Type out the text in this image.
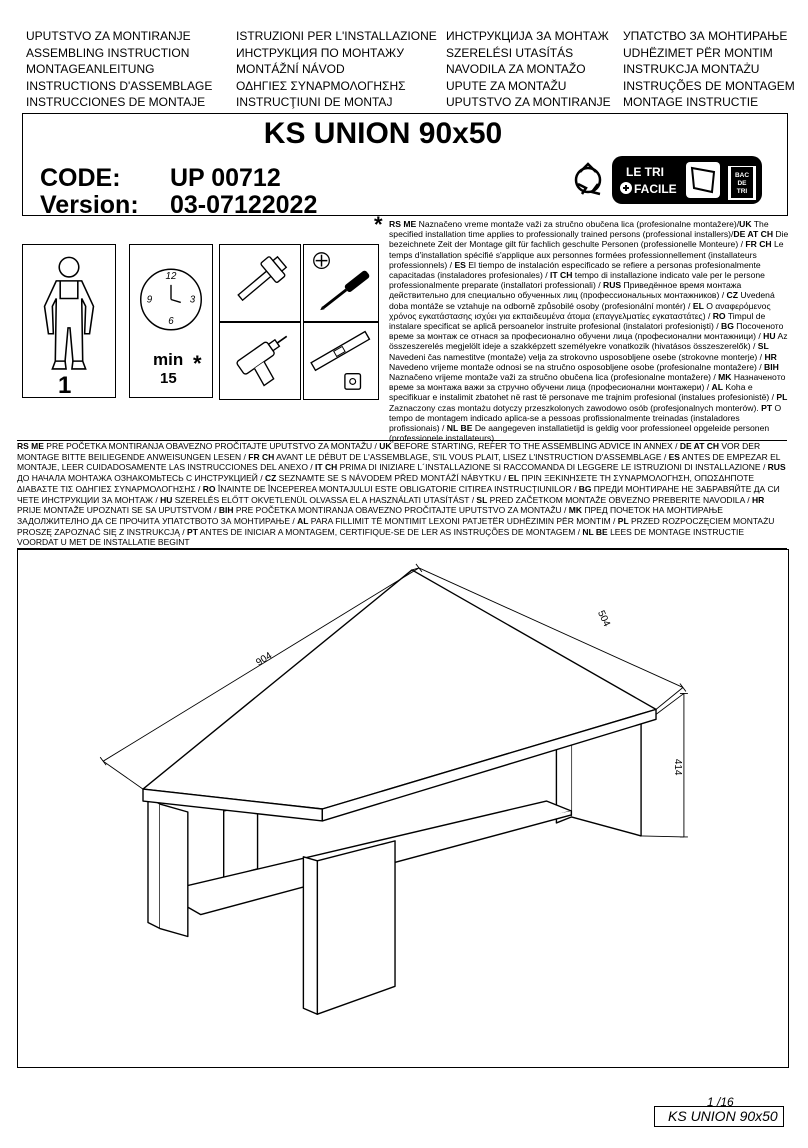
UPUTSTVO ZA MONTIRANJE
ASSEMBLING INSTRUCTION
MONTAGEANLEITUNG
INSTRUCTIONS D'ASSEMBLAGE
INSTRUCCIONES DE MONTAJE
ISTRUZIONI PER L'INSTALLAZIONE
ИНСТРУКЦИЯ ПО МОНТАЖУ
MONTÁŽNÍ NÁVOD
ΟΔΗΓΙΕΣ ΣΥΝΑΡΜΟΛΟΓΗΣΗΣ
INSTRUCŢIUNI DE MONTAJ
ИНСТРУКЦИЈА ЗА МОНТАЖ
SZERELÉSI UTASÍTÁS
NAVODILA ZA MONTAŽO
UPUTE ZA MONTAŽU
UPUTSTVO ZA MONTIRANJE
УПАТСТВО ЗА МОНТИРАЊЕ
UDHËZIMET PËR MONTIM
INSTRUKCJA MONTAŻU
INSTRUÇÕES DE MONTAGEM
MONTAGE INSTRUCTIE
KS UNION 90x50
CODE: UP 00712
Version: 03-07122022
LE TRI
FACILE
BAC
DE
TRI
1
12
3
6
9
min *
15
* RS ME Naznačeno vreme montaže važi za stručno obučena lica (profesionalne montažere)/UK The specified installation time applies to professionally trained persons (professional installers)/DE AT CH Die bezeichnete Zeit der Montage gilt für fachlich geschulte Personen (professionelle Monteure) / FR CH Le temps d'installation spécifié s'applique aux personnes formées professionnellement (installateurs professionnels) / ES El tiempo de instalación especificado se refiere a personas profesionalmente capacitadas (instaladores profesionales) / IT CH tempo di installazione indicato vale per le persone professionalmente preparate (installatori professionali) / RUS Приведённое время монтажа действительно для специально обученных лиц (профессиональных монтажников) / CZ Uvedená doba montáže se vztahuje na odborně způsobilé osoby (profesionální montér) / EL Ο αναφερόμενος χρόνος εγκατάστασης ισχύει για εκπαιδευμένα άτομα (επαγγελματίες εγκαταστάτες) / RO Timpul de instalare specificat se aplică persoanelor instruite profesional (instalatori profesioniști) / BG Посоченото време за монтаж се отнася за професионално обучени лица (професионални монтажници) / HU Az összeszerelés megjelölt ideje a szakképzett személyekre vonatkozik (hivatásos összeszerelők) / SL Navedeni čas namestitve (montaže) velja za strokovno usposobljene osebe (strokovne monterje) / HR Navedeno vrijeme montaže odnosi se na stručno osposobljene osobe (profesionalne montažere) / BIH Naznačeno vrijeme montaže važi za stručno obučena lica (profesionalne montažere) / MK Назначенoто време за монтажа важи за стручно обучени лица (професионални монтажери) / AL Koha e specifikuar e instalimit zbatohet në rast të personave me trajnim profesional (instalues profesionistë) / PL Zaznaczony czas montażu dotyczy przeszkolonych zawodowo osób (profesjonalnych monterów). PT O tempo de montagem indicado aplica-se a pessoas profissionalmente treinadas (instaladores profissionais) / NL BE De aangegeven installatietijd is geldig voor professioneel opgeleide personen (professionele installateurs).
RS ME PRE POČETKA MONTIRANJA OBAVEZNO PROČITAJTE UPUTSTVO ZA MONTAŽU / UK BEFORE STARTING, REFER TO THE ASSEMBLING ADVICE IN ANNEX / DE AT CH VOR DER MONTAGE BITTE BEILIEGENDE ANWEISUNGEN LESEN / FR CH AVANT LE DÉBUT DE L'ASSEMBLAGE, S'IL VOUS PLAIT, LISEZ L'INSTRUCTION D'ASSEMBLAGE / ES ANTES DE EMPEZAR EL MONTAJE, LEER CUIDADOSAMENTE LAS INSTRUCCIONES DEL ANEXO / IT CH PRIMA DI INIZIARE L´INSTALLAZIONE SI RACCOMANDA DI LEGGERE LE ISTRUZIONI DI INSTALLAZIONE / RUS ДО НАЧАЛА МОНТАЖА ОЗНАКОМЬТЕСЬ С ИНСТРУКЦИЕЙ / CZ SEZNAMTE SE S NÁVODEM PŘED MONTÁŽÍ NÁBYTKU / EL ΠΡΙΝ ΞΕΚΙΝΗΣΕΤΕ ΤΗ ΣΥΝΑΡΜΟΛΟΓΗΣΗ, ΟΠΩΣΔΗΠΟΤΕ ΔΙΑΒΑΣΤΕ ΤΙΣ ΟΔΗΓΙΕΣ ΣΥΝΑΡΜΟΛΟΓΗΣΗΣ / RO ÎNAINTE DE ÎNCEPEREA MONTAJULUI ESTE OBLIGATORIE CITIREA INSTRUCŢIUNILOR / BG ПРЕДИ МОНТИРАНЕ НЕ ЗАБРАВЯЙТЕ ДА СИ ЧЕТЕ ИНСТРУКЦИИ ЗА МОНТАЖ / HU SZERELÉS ELŐTT OKVETLENÜL OLVASSA EL A HASZNÁLATI UTASÍTÁST / SL PRED ZAČETKOM MONTAŽE OBVEZNO PREBERITE NAVODILA / HR PRIJE MONTAŽE UPOZNATI SE SA UPUTSTVOM / BIH PRE POČETKA MONTIRANJA OBAVEZNO PROČITAJTE UPUTSTVO ZA MONTAŽU / MK ПРЕД ПОЧЕТОК НА МОНТИРАЊЕ ЗАДОЛЖИТЕЛНО ДА СЕ ПРОЧИТА УПАТСТВОТО ЗА МОНТИРАЊЕ / AL PARA FILLIMIT TË MONTIMIT LEXONI PATJETËR UDHËZIMIN PËR MONTIM / PL PRZED ROZPOCZĘCIEM MONTAŻU PROSZĘ ZAPOZNAĆ SIĘ Z INSTRUKCJĄ / PT ANTES DE INICIAR A MONTAGEM, CERTIFIQUE-SE DE LER AS INSTRUÇÕES DE MONTAGEM / NL BE LEES DE MONTAGE INSTRUCTIE VOORDAT U MET DE INSTALLATIE BEGINT
904
504
414
1 /16
KS UNION 90x50
